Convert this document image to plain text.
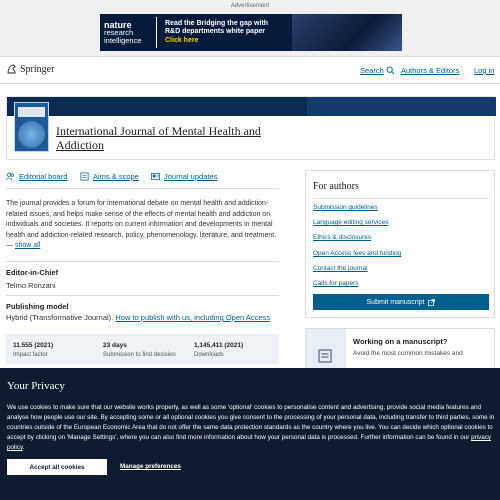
Advertisement
nature
research
intelligence
Read the Bridging the gap with
R&D departments white paper
Click here
Springer	Search Authors & Editors Log in
International Journal of Mental Health and Addiction
Editorial board	Aims & scope	Journal updates
The journal provides a forum for international debate on mental health and addiction-related issues, and helps make sense of the effects of mental health and addiction on individuals and societies. It reports on current information and developments in mental health and addiction-related research, policy, phenomenology, literature, and treatment. — show all
Editor-in-Chief
Telmo Ronzani
Publishing model
Hybrid (Transformative Journal). How to publish with us, including Open Access
11.555 (2021)
Impact factor
23 days
Submission to first decision
1,145,411 (2021)
Downloads
For authors
Submission guidelines
Language editing services
Ethics & disclosures
Open Access fees and funding
Contact the journal
Calls for papers
Submit manuscript
Working on a manuscript?
Avoid the most common mistakes and
Your Privacy
We use cookies to make sure that our website works properly, as well as some 'optional' cookies to personalise content and advertising, provide social media features and analyse how people use our site. By accepting some or all optional cookies you give consent to the processing of your personal data, including transfer to third parties, some in countries outside of the European Economic Area that do not offer the same data protection standards as the country where you live. You can decide which optional cookies to accept by clicking on 'Manage Settings', where you can also find more information about how your personal data is processed. Further information can be found in our privacy policy.
Accept all cookies	Manage preferences
